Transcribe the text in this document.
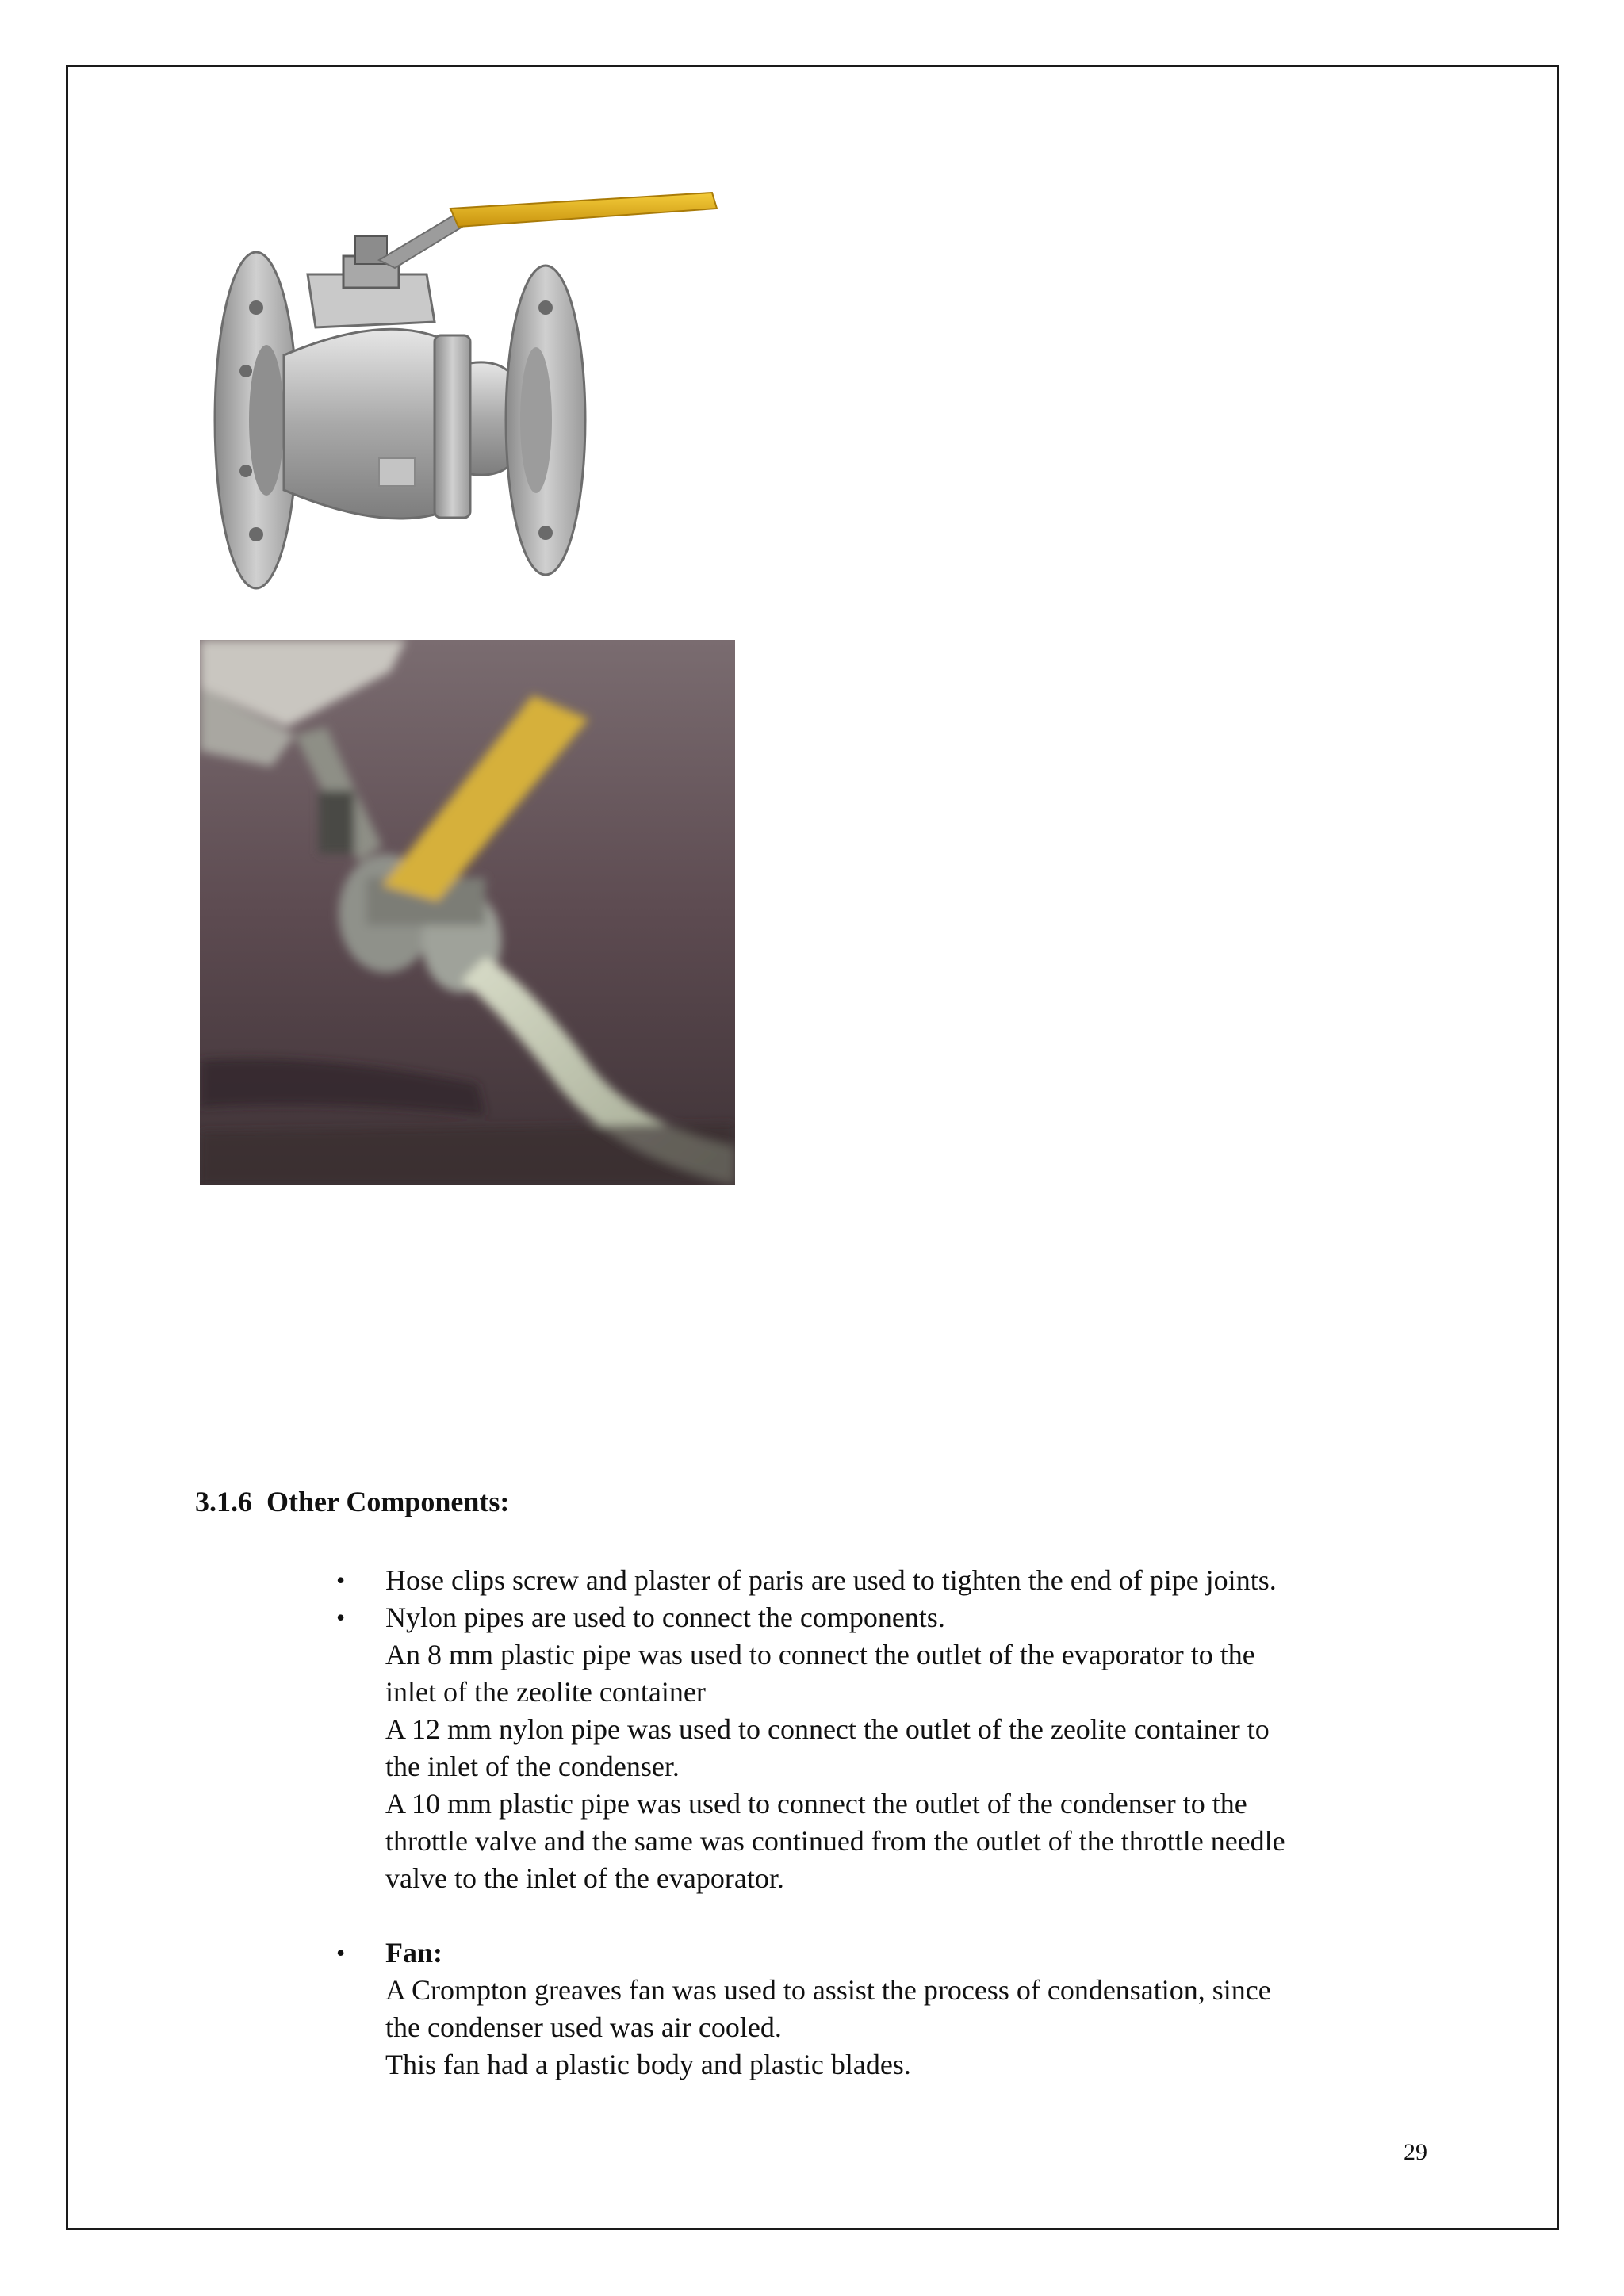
3.1.6 Other Components:
• Hose clips screw and plaster of paris are used to tighten the end of pipe joints.
• Nylon pipes are used to connect the components.
An 8 mm plastic pipe was used to connect the outlet of the evaporator to the
inlet of the zeolite container
A 12 mm nylon pipe was used to connect the outlet of the zeolite container to
the inlet of the condenser.
A 10 mm plastic pipe was used to connect the outlet of the condenser to the
throttle valve and the same was continued from the outlet of the throttle needle
valve to the inlet of the evaporator.
• Fan:
A Crompton greaves fan was used to assist the process of condensation, since
the condenser used was air cooled.
This fan had a plastic body and plastic blades.
29
